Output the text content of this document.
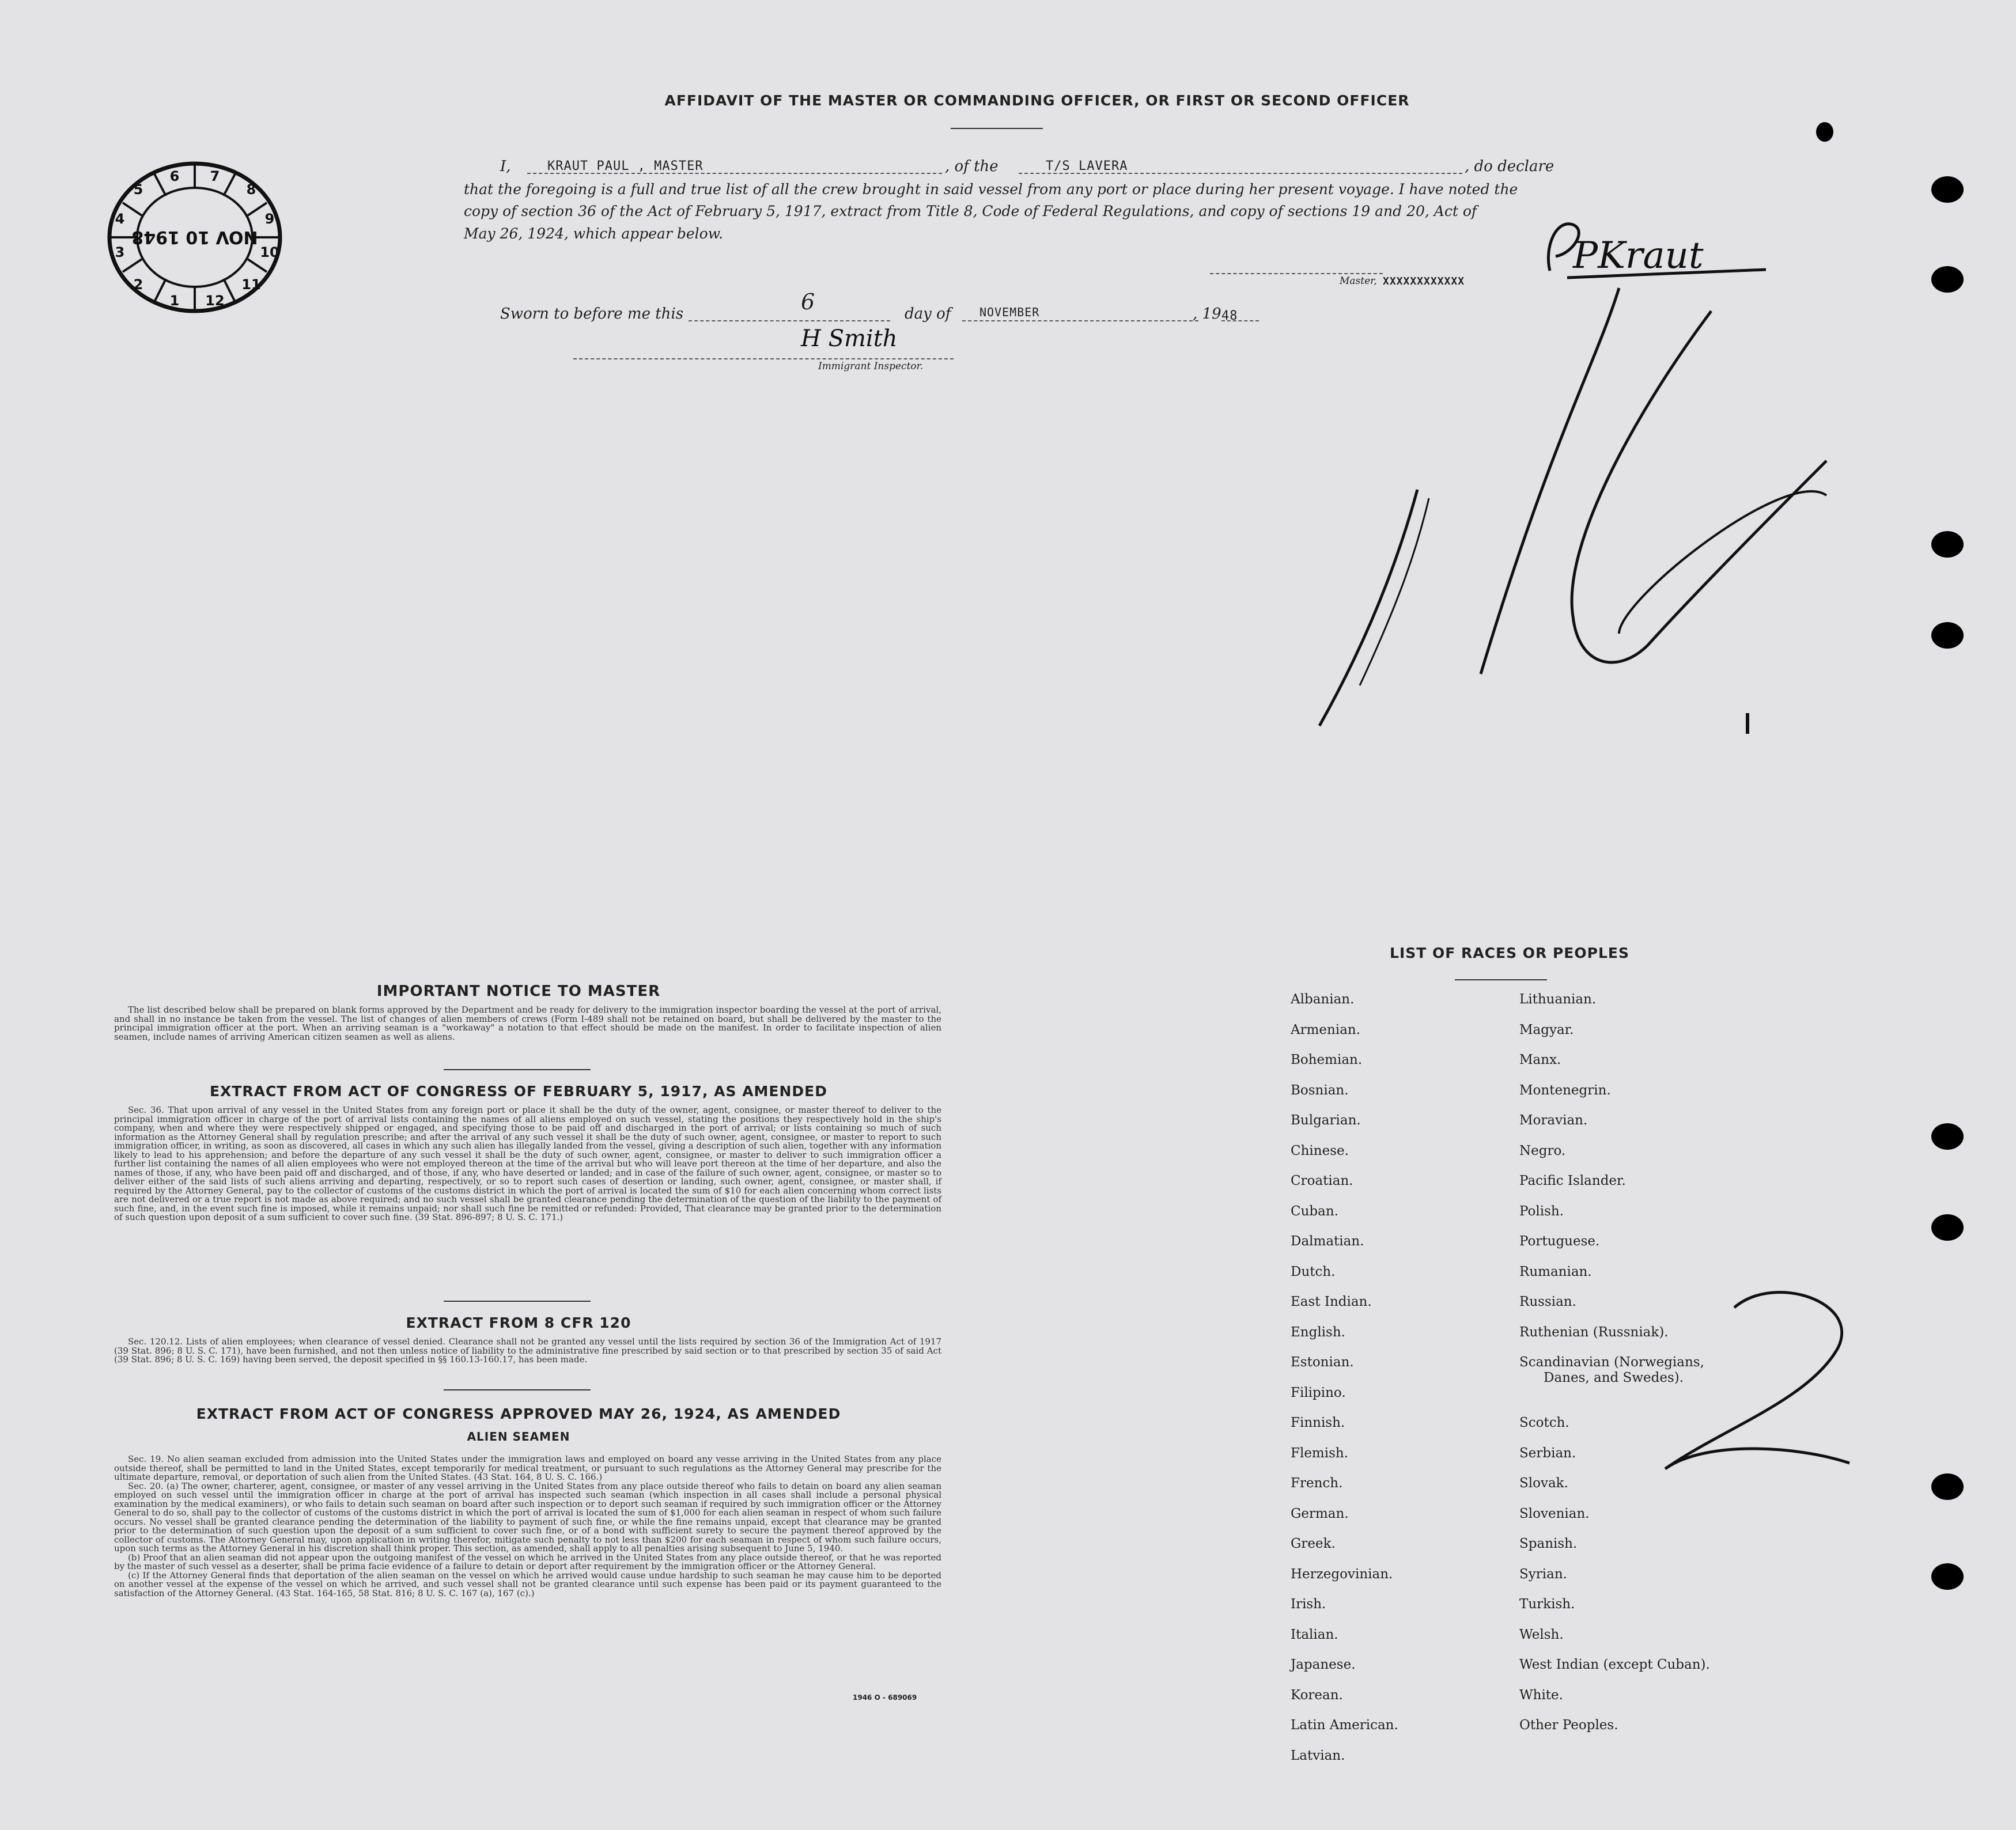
AFFIDAVIT OF THE MASTER OR COMMANDING OFFICER, OR FIRST OR SECOND OFFICER
6 7
8
9
10
11
12
1
2
3
4
5
NOV 10 1948
I,	KRAUT PAUL , MASTER	, of the	T/S LAVERA	, do declare
that the foregoing is a full and true list of all the crew brought in said vessel from any port or place during her present voyage. I have noted the
copy of section 36 of the Act of February 5, 1917, extract from Title 8, Code of Federal Regulations, and copy of sections 19 and 20, Act of
May 26, 1924, which appear below.
Master, XXXXXXXXXXXX
PKraut
Sworn to before me this	6	day of NOVEMBER	, 19 48
H Smith
Immigrant Inspector.
IMPORTANT NOTICE TO MASTER
The list described below shall be prepared on blank forms approved by the Department and be ready for delivery to the immigration inspector boarding the vessel at the port of arrival, and shall in no instance be taken from the vessel. The list of changes of alien members of crews (Form I-489 shall not be retained on board, but shall be delivered by the master to the principal immigration officer at the port. When an arriving seaman is a "workaway" a notation to that effect should be made on the manifest. In order to facilitate inspection of alien seamen, include names of arriving American citizen seamen as well as aliens.
EXTRACT FROM ACT OF CONGRESS OF FEBRUARY 5, 1917, AS AMENDED
Sec. 36. That upon arrival of any vessel in the United States from any foreign port or place it shall be the duty of the owner, agent, consignee, or master thereof to deliver to the principal immigration officer in charge of the port of arrival lists containing the names of all aliens employed on such vessel, stating the positions they respectively hold in the ship's company, when and where they were respectively shipped or engaged, and specifying those to be paid off and discharged in the port of arrival; or lists containing so much of such information as the Attorney General shall by regulation prescribe; and after the arrival of any such vessel it shall be the duty of such owner, agent, consignee, or master to report to such immigration officer, in writing, as soon as discovered, all cases in which any such alien has illegally landed from the vessel, giving a description of such alien, together with any information likely to lead to his apprehension; and before the departure of any such vessel it shall be the duty of such owner, agent, consignee, or master to deliver to such immigration officer a further list containing the names of all alien employees who were not employed thereon at the time of the arrival but who will leave port thereon at the time of her departure, and also the names of those, if any, who have been paid off and discharged, and of those, if any, who have deserted or landed; and in case of the failure of such owner, agent, consignee, or master so to deliver either of the said lists of such aliens arriving and departing, respectively, or so to report such cases of desertion or landing, such owner, agent, consignee, or master shall, if required by the Attorney General, pay to the collector of customs of the customs district in which the port of arrival is located the sum of $10 for each alien concerning whom correct lists are not delivered or a true report is not made as above required; and no such vessel shall be granted clearance pending the determination of the question of the liability to the payment of such fine, and, in the event such fine is imposed, while it remains unpaid; nor shall such fine be remitted or refunded: Provided, That clearance may be granted prior to the determination of such question upon deposit of a sum sufficient to cover such fine. (39 Stat. 896-897; 8 U. S. C. 171.)
EXTRACT FROM 8 CFR 120
Sec. 120.12. Lists of alien employees; when clearance of vessel denied. Clearance shall not be granted any vessel until the lists required by section 36 of the Immigration Act of 1917 (39 Stat. 896; 8 U. S. C. 171), have been furnished, and not then unless notice of liability to the administrative fine prescribed by said section or to that prescribed by section 35 of said Act (39 Stat. 896; 8 U. S. C. 169) having been served, the deposit specified in §§ 160.13-160.17, has been made.
EXTRACT FROM ACT OF CONGRESS APPROVED MAY 26, 1924, AS AMENDED
ALIEN SEAMEN
Sec. 19. No alien seaman excluded from admission into the United States under the immigration laws and employed on board any vesse arriving in the United States from any place outside thereof, shall be permitted to land in the United States, except temporarily for medical treatment, or pursuant to such regulations as the Attorney General may prescribe for the ultimate departure, removal, or deportation of such alien from the United States. (43 Stat. 164, 8 U. S. C. 166.)
Sec. 20. (a) The owner, charterer, agent, consignee, or master of any vessel arriving in the United States from any place outside thereof who fails to detain on board any alien seaman employed on such vessel until the immigration officer in charge at the port of arrival has inspected such seaman (which inspection in all cases shall include a personal physical examination by the medical examiners), or who fails to detain such seaman on board after such inspection or to deport such seaman if required by such immigration officer or the Attorney General to do so, shall pay to the collector of customs of the customs district in which the port of arrival is located the sum of $1,000 for each alien seaman in respect of whom such failure occurs. No vessel shall be granted clearance pending the determination of the liability to payment of such fine, or while the fine remains unpaid, except that clearance may be granted prior to the determination of such question upon the deposit of a sum sufficient to cover such fine, or of a bond with sufficient surety to secure the payment thereof approved by the collector of customs. The Attorney General may, upon application in writing therefor, mitigate such penalty to not less than $200 for each seaman in respect of whom such failure occurs, upon such terms as the Attorney General in his discretion shall think proper. This section, as amended, shall apply to all penalties arising subsequent to June 5, 1940.
(b) Proof that an alien seaman did not appear upon the outgoing manifest of the vessel on which he arrived in the United States from any place outside thereof, or that he was reported by the master of such vessel as a deserter, shall be prima facie evidence of a failure to detain or deport after requirement by the immigration officer or the Attorney General.
(c) If the Attorney General finds that deportation of the alien seaman on the vessel on which he arrived would cause undue hardship to such seaman he may cause him to be deported on another vessel at the expense of the vessel on which he arrived, and such vessel shall not be granted clearance until such expense has been paid or its payment guaranteed to the satisfaction of the Attorney General. (43 Stat. 164-165, 58 Stat. 816; 8 U. S. C. 167 (a), 167 (c).)
1946 O - 689069
LIST OF RACES OR PEOPLES
Albanian.
Armenian.
Bohemian.
Bosnian.
Bulgarian.
Chinese.
Croatian.
Cuban.
Dalmatian.
Dutch.
East Indian.
English.
Estonian.
Filipino.
Finnish.
Flemish.
French.
German.
Greek.
Herzegovinian.
Irish.
Italian.
Japanese.
Korean.
Latin American.
Latvian.
Lithuanian.
Magyar.
Manx.
Montenegrin.
Moravian.
Negro.
Pacific Islander.
Polish.
Portuguese.
Rumanian.
Russian.
Ruthenian (Russniak).
Scandinavian (Norwegians,
Danes, and Swedes).
Scotch.
Serbian.
Slovak.
Slovenian.
Spanish.
Syrian.
Turkish.
Welsh.
West Indian (except Cuban).
White.
Other Peoples.
